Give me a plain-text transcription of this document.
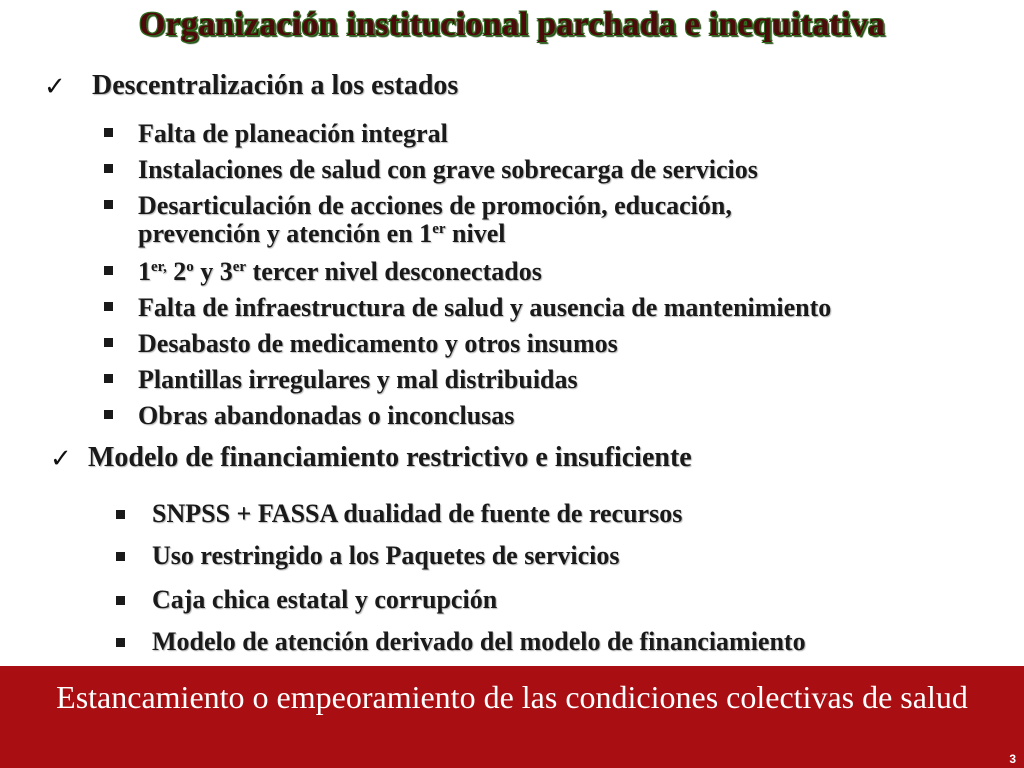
Organización institucional parchada e inequitativa
✓ Descentralización a los estados
Falta de planeación integral
Instalaciones de salud con grave sobrecarga de servicios
Desarticulación de acciones de promoción, educación,
prevención y atención en 1er nivel
$1^{er,}$ 2$^o$ y 3er tercer nivel desconectados
Falta de infraestructura de salud y ausencia de mantenimiento
Desabasto de medicamento y otros insumos
Plantillas irregulares y mal distribuidas
Obras abandonadas o inconclusas
✓ Modelo de financiamiento restrictivo e insuficiente
SNPSS + FASSA dualidad de fuente de recursos
Uso restringido a los Paquetes de servicios
Caja chica estatal y corrupción
Modelo de atención derivado del modelo de financiamiento
Estancamiento o empeoramiento de las condiciones colectivas de salud
3
